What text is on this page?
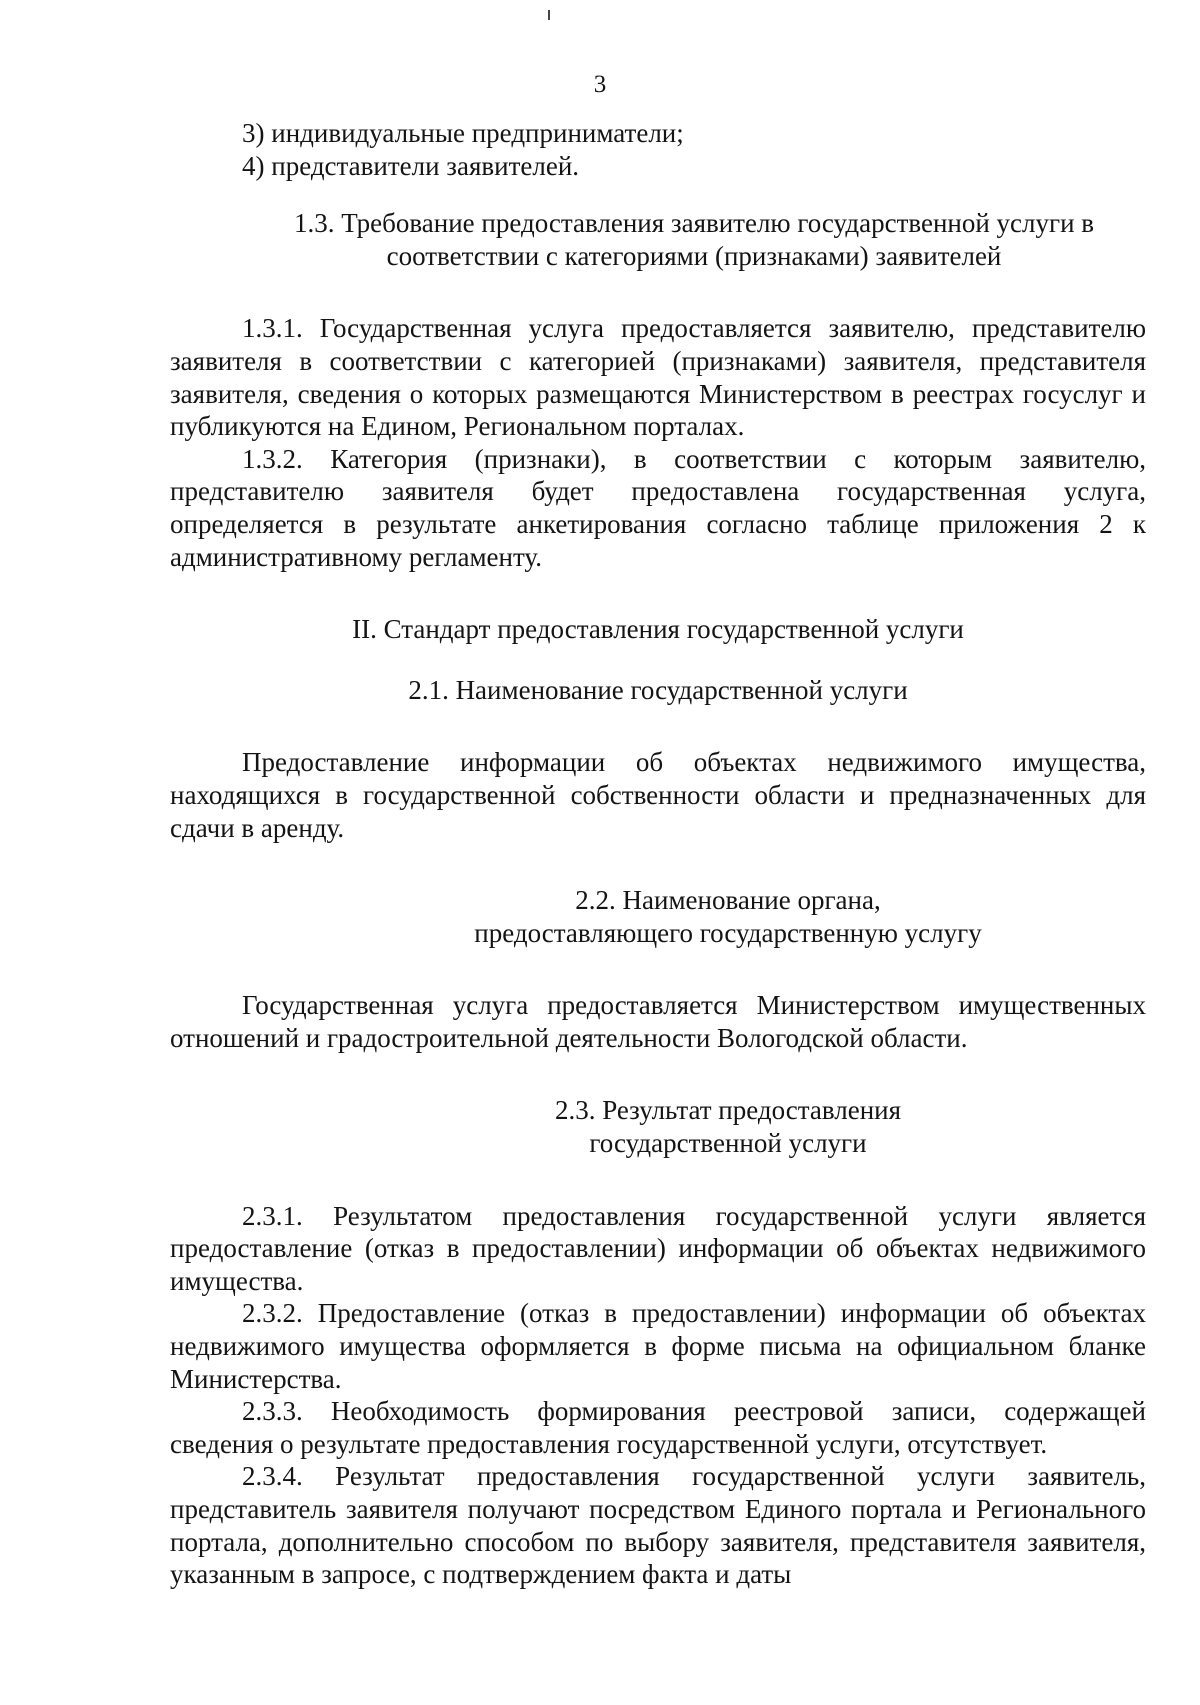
3

3) индивидуальные предприниматели;

4) представители заявителей.

1.3. Требование предоставления заявителю государственной услуги в соответствии с категориями (признаками) заявителей

1.3.1. Государственная услуга предоставляется заявителю, представителю заявителя в соответствии с категорией (признаками) заявителя, представителя заявителя, сведения о которых размещаются Министерством в реестрах госуслуг и публикуются на Едином, Региональном порталах.

1.3.2. Категория (признаки), в соответствии с которым заявителю, представителю заявителя будет предоставлена государственная услуга, определяется в результате анкетирования согласно таблице приложения 2 к административному регламенту.

II. Стандарт предоставления государственной услуги

2.1. Наименование государственной услуги

Предоставление информации об объектах недвижимого имущества, находящихся в государственной собственности области и предназначенных для сдачи в аренду.

2.2. Наименование органа,

предоставляющего государственную услугу

Государственная услуга предоставляется Министерством имущественных отношений и градостроительной деятельности Вологодской области.

2.3. Результат предоставления

государственной услуги

2.3.1. Результатом предоставления государственной услуги является предоставление (отказ в предоставлении) информации об объектах недвижимого имущества.

2.3.2. Предоставление (отказ в предоставлении) информации об объектах недвижимого имущества оформляется в форме письма на официальном бланке Министерства.

2.3.3. Необходимость формирования реестровой записи, содержащей сведения о результате предоставления государственной услуги, отсутствует.

2.3.4. Результат предоставления государственной услуги заявитель, представитель заявителя получают посредством Единого портала и Регионального портала, дополнительно способом по выбору заявителя, представителя заявителя, указанным в запросе, с подтверждением факта и даты
